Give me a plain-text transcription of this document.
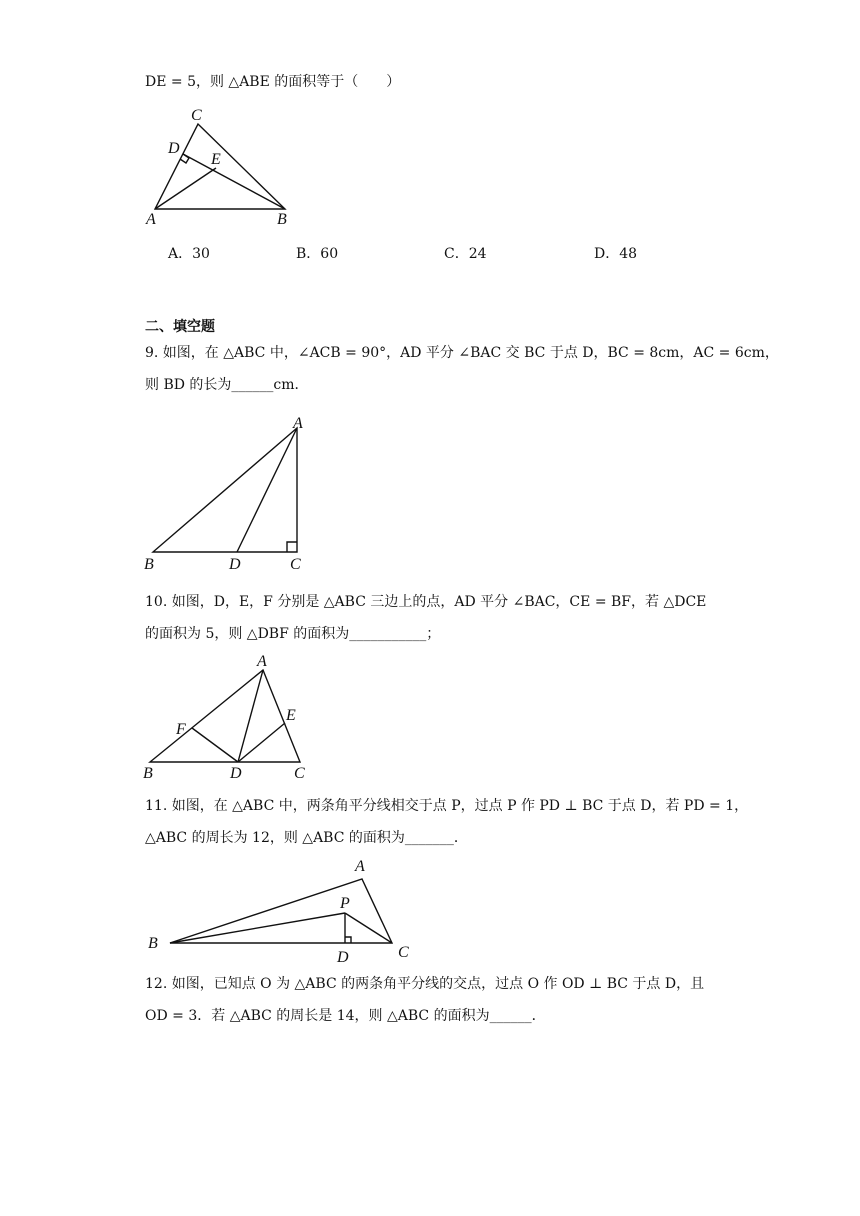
DE = 5，则 △ABE 的面积等于（　　）
C
D
E
A	B
A
B	D	C
A
F
E
B	D	C
A
P
B
D	C
A．30	B．60	C．24	D．48
二、填空题
9. 如图，在 △ABC 中，∠ACB = 90°，AD 平分 ∠BAC 交 BC 于点 D，BC = 8cm，AC = 6cm，
则 BD 的长为______cm．
10. 如图，D，E，F 分别是 △ABC 三边上的点，AD 平分 ∠BAC，CE = BF，若 △DCE
的面积为 5，则 △DBF 的面积为___________；
11. 如图，在 △ABC 中，两条角平分线相交于点 P，过点 P 作 PD ⊥ BC 于点 D，若 PD = 1，
△ABC 的周长为 12，则 △ABC 的面积为_______．
12. 如图，已知点 O 为 △ABC 的两条角平分线的交点，过点 O 作 OD ⊥ BC 于点 D，且
OD = 3．若 △ABC 的周长是 14，则 △ABC 的面积为______．
